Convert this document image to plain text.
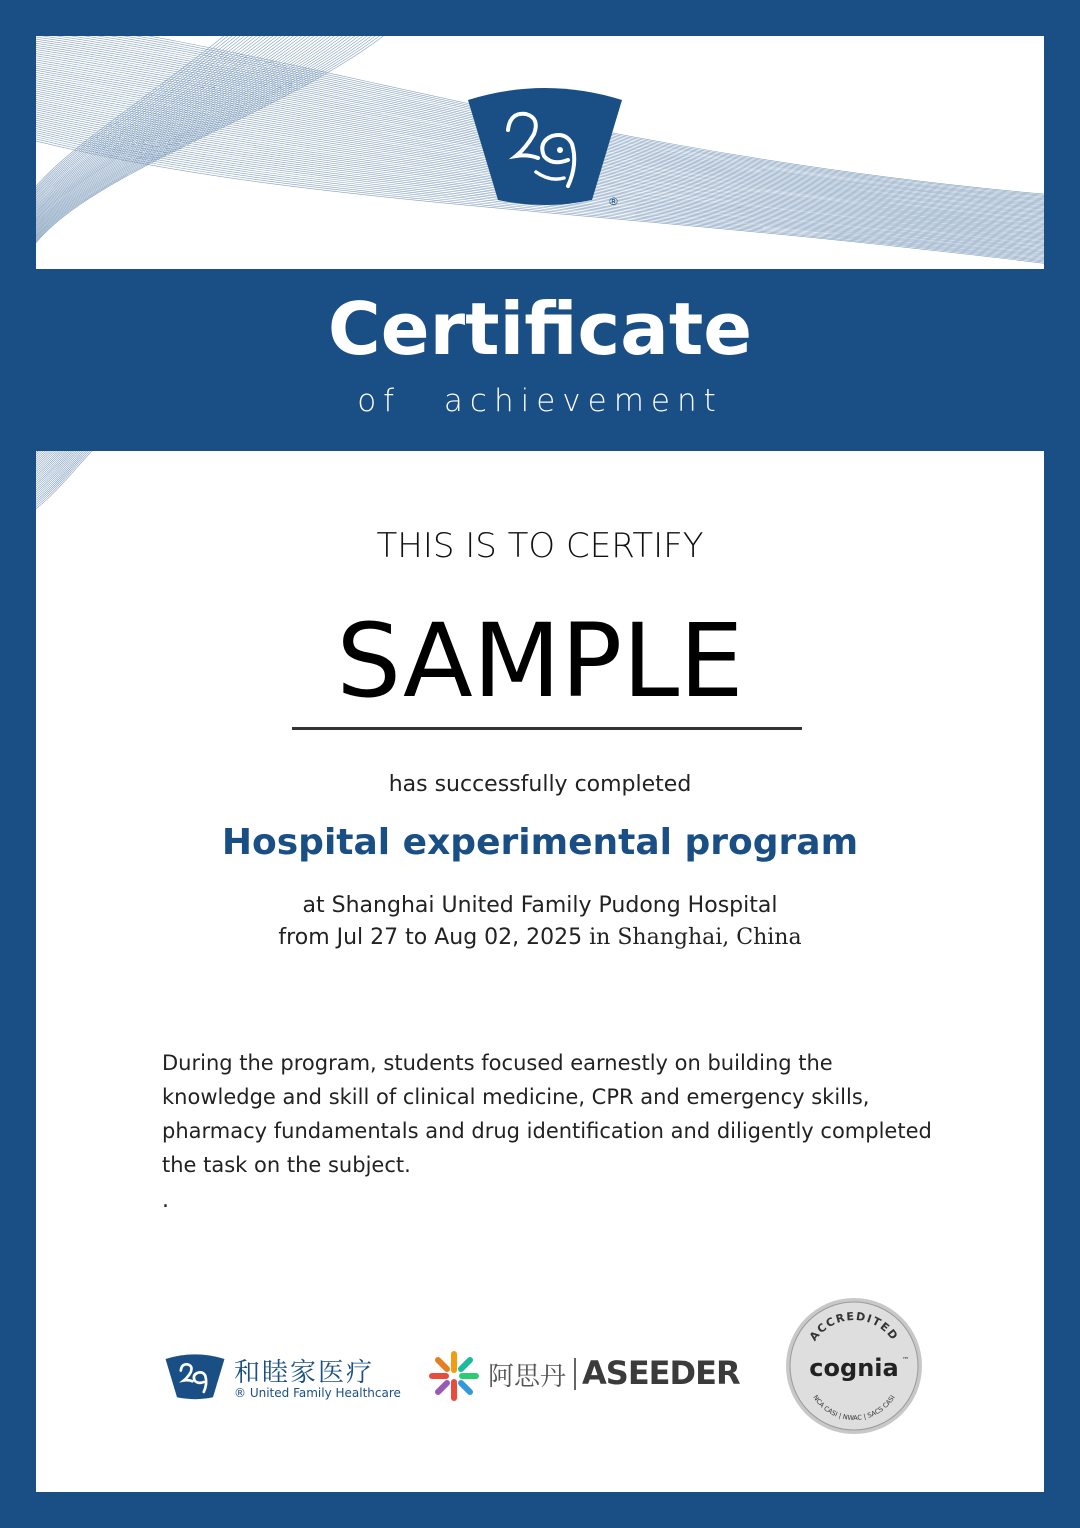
®
Certificate
of achievement
THIS IS TO CERTIFY
SAMPLE
has successfully completed
Hospital experimental program
at Shanghai United Family Pudong Hospital
from Jul 27 to Aug 02, 2025 in Shanghai, China
During the program, students focused earnestly on building the knowledge and skill of clinical medicine, CPR and emergency skills, pharmacy fundamentals and drug identification and diligently completed the task on the subject.
.
和睦家医疗
® United Family Healthcare
阿思丹 ASEEDER
ACCREDITED
cognia ™
NCA CASI | NWAC | SACS CASI
